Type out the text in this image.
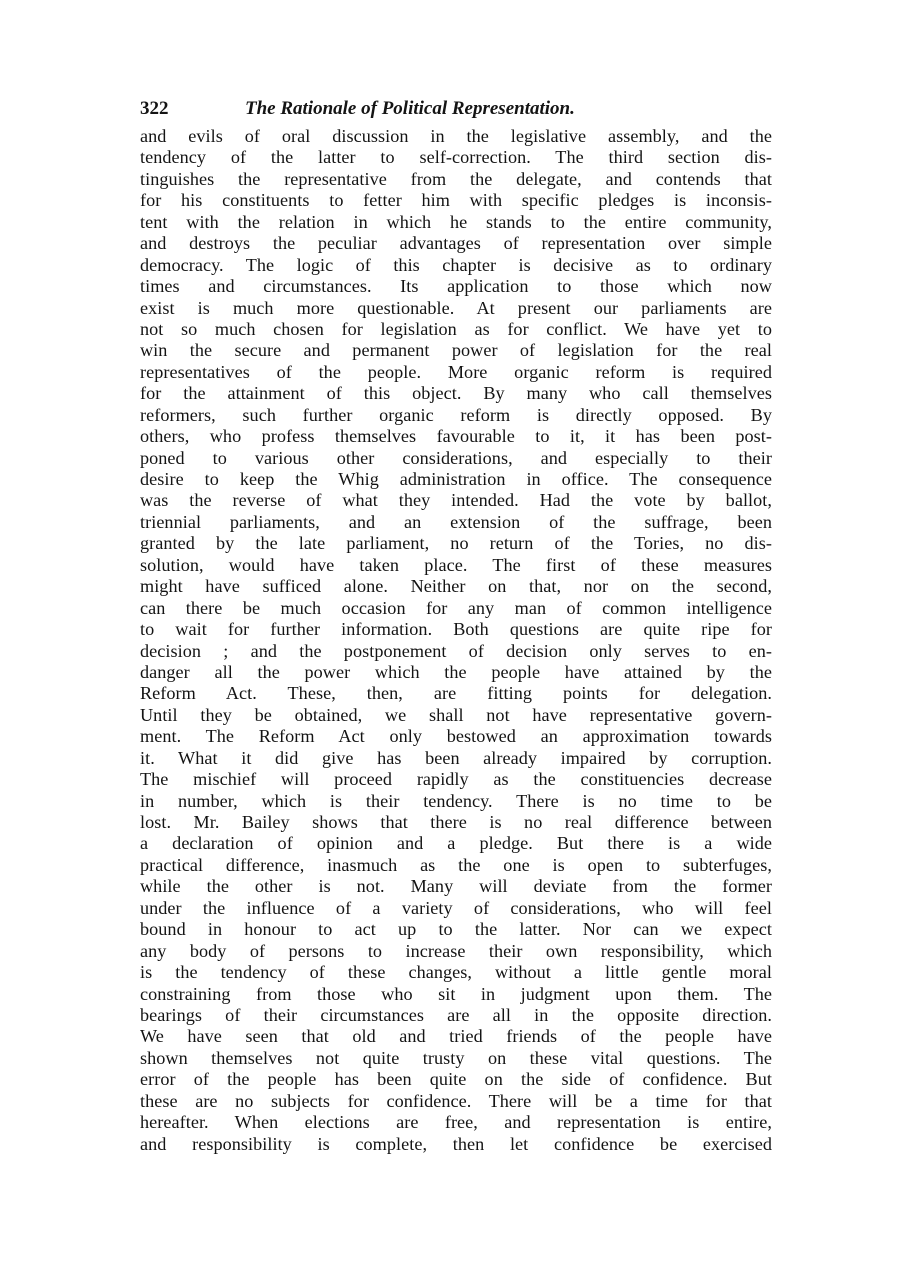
322	The Rationale of Political Representation.
and evils of oral discussion in the legislative assembly, and the
tendency of the latter to self-correction. The third section dis-
tinguishes the representative from the delegate, and contends that
for his constituents to fetter him with specific pledges is inconsis-
tent with the relation in which he stands to the entire community,
and destroys the peculiar advantages of representation over simple
democracy. The logic of this chapter is decisive as to ordinary
times and circumstances. Its application to those which now
exist is much more questionable. At present our parliaments are
not so much chosen for legislation as for conflict. We have yet to
win the secure and permanent power of legislation for the real
representatives of the people. More organic reform is required
for the attainment of this object. By many who call themselves
reformers, such further organic reform is directly opposed. By
others, who profess themselves favourable to it, it has been post-
poned to various other considerations, and especially to their
desire to keep the Whig administration in office. The consequence
was the reverse of what they intended. Had the vote by ballot,
triennial parliaments, and an extension of the suffrage, been
granted by the late parliament, no return of the Tories, no dis-
solution, would have taken place. The first of these measures
might have sufficed alone. Neither on that, nor on the second,
can there be much occasion for any man of common intelligence
to wait for further information. Both questions are quite ripe for
decision ; and the postponement of decision only serves to en-
danger all the power which the people have attained by the
Reform Act. These, then, are fitting points for delegation.
Until they be obtained, we shall not have representative govern-
ment. The Reform Act only bestowed an approximation towards
it. What it did give has been already impaired by corruption.
The mischief will proceed rapidly as the constituencies decrease
in number, which is their tendency. There is no time to be
lost. Mr. Bailey shows that there is no real difference between
a declaration of opinion and a pledge. But there is a wide
practical difference, inasmuch as the one is open to subterfuges,
while the other is not. Many will deviate from the former
under the influence of a variety of considerations, who will feel
bound in honour to act up to the latter. Nor can we expect
any body of persons to increase their own responsibility, which
is the tendency of these changes, without a little gentle moral
constraining from those who sit in judgment upon them. The
bearings of their circumstances are all in the opposite direction.
We have seen that old and tried friends of the people have
shown themselves not quite trusty on these vital questions. The
error of the people has been quite on the side of confidence. But
these are no subjects for confidence. There will be a time for that
hereafter. When elections are free, and representation is entire,
and responsibility is complete, then let confidence be exercised
